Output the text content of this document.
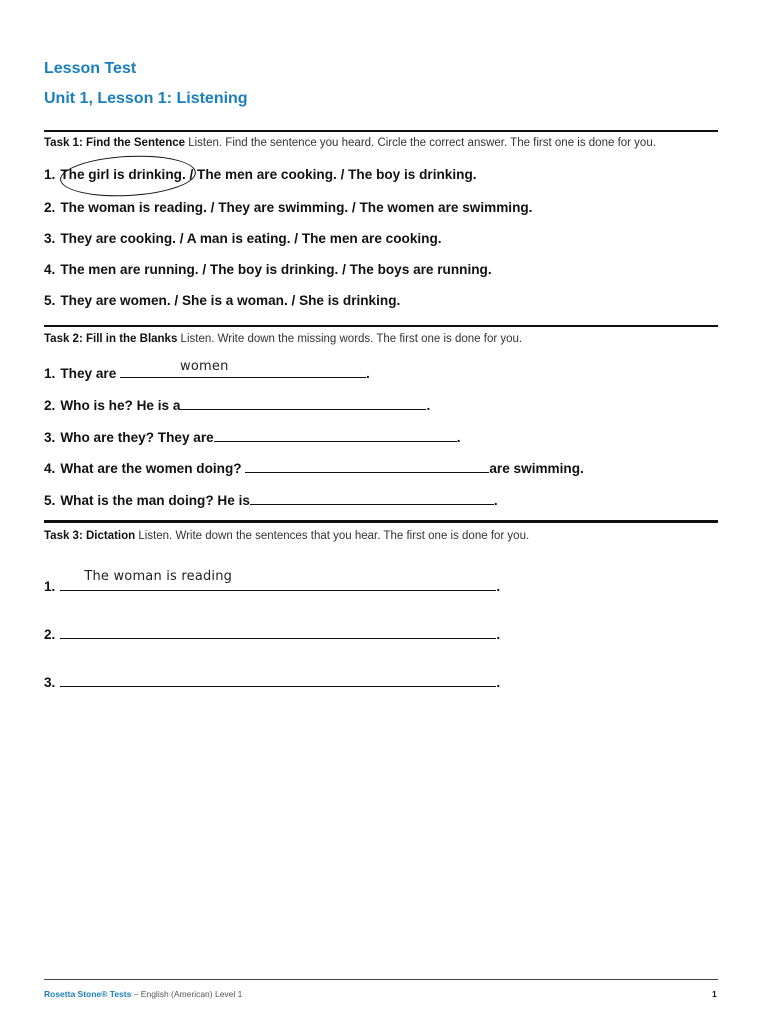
Lesson Test
Unit 1, Lesson 1: Listening
Task 1: Find the Sentence Listen. Find the sentence you heard. Circle the correct answer. The first one is done for you.
1. The girl is drinking. / The men are cooking. / The boy is drinking.
2. The woman is reading. / They are swimming. / The women are swimming.
3. They are cooking. / A man is eating. / The men are cooking.
4. The men are running. / The boy is drinking. / The boys are running.
5. They are women. / She is a woman. / She is drinking.
Task 2: Fill in the Blanks Listen. Write down the missing words. The first one is done for you.
1. They are	women	.
2. Who is he? He is a	.
3. Who are they? They are	.
4. What are the women doing?	are swimming.
5. What is the man doing? He is	.
Task 3: Dictation Listen. Write down the sentences that you hear. The first one is done for you.
1.
The woman is reading
.
2.	.
3.	.
Rosetta Stone® Tests – English (American) Level 1	1
